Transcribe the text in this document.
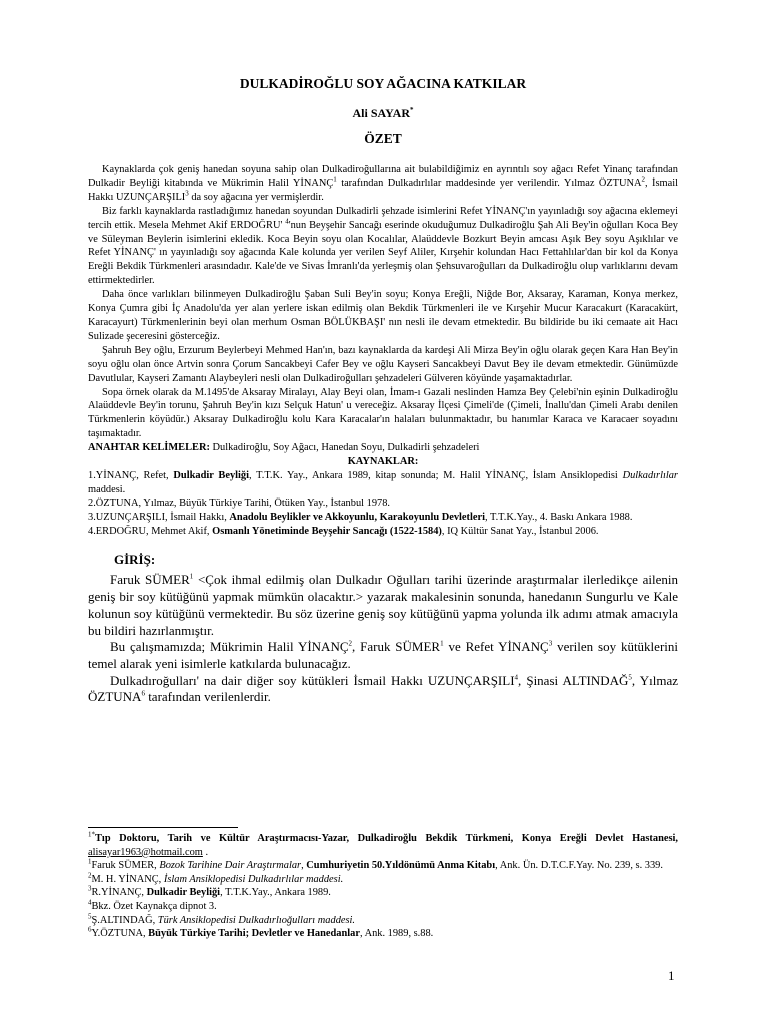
DULKADİROĞLU SOY AĞACINA KATKILAR
Ali SAYAR*
ÖZET

Kaynaklarda çok geniş hanedan soyuna sahip olan Dulkadiroğullarına ait bulabildiğimiz en ayrıntılı soy ağacı Refet Yinanç tarafından Dulkadir Beyliği kitabında ve Mükrimin Halil YİNANÇ$^1$ tarafından Dulkadırlılar maddesinde yer verilendir. Yılmaz ÖZTUNA$^2$, İsmail Hakkı UZUNÇARŞILI$^3$ da soy ağacına yer vermişlerdir.

Biz farklı kaynaklarda rastladığımız hanedan soyundan Dulkadirli şehzade isimlerini Refet YİNANÇ'ın yayınladığı soy ağacına eklemeyi tercih ettik. Mesela Mehmet Akif ERDOĞRU' $^4$'nun Beyşehir Sancağı eserinde okuduğumuz Dulkadiroğlu Şah Ali Bey'in oğulları Koca Bey ve Süleyman Beylerin isimlerini ekledik. Koca Beyin soyu olan Kocalılar, Alaüddevle Bozkurt Beyin amcası Aşık Bey soyu Aşıklılar ve Refet YİNANÇ' ın yayınladığı soy ağacında Kale kolunda yer verilen Seyf Aliler, Kırşehir kolundan Hacı Fettahlılar'dan bir kol da Konya Ereğli Bekdik Türkmenleri arasındadır. Kale'de ve Sivas İmranlı'da yerleşmiş olan Şehsuvaroğulları da Dulkadiroğlu olup varlıklarını devam ettirmektedirler.

Daha önce varlıkları bilinmeyen Dulkadiroğlu Şaban Suli Bey'in soyu; Konya Ereğli, Niğde Bor, Aksaray, Karaman, Konya merkez, Konya Çumra gibi İç Anadolu'da yer alan yerlere iskan edilmiş olan Bekdik Türkmenleri ile ve Kırşehir Mucur Karacakurt (Karacakürt, Karacayurt) Türkmenlerinin beyi olan merhum Osman BÖLÜKBAŞI' nın nesli ile devam etmektedir. Bu bildiride bu iki cemaate ait Hacı Sulizade şeceresini gösterceğiz.

Şahruh Bey oğlu, Erzurum Beylerbeyi Mehmed Han'ın, bazı kaynaklarda da kardeşi Ali Mirza Bey'in oğlu olarak geçen Kara Han Bey'in soyu oğlu olan önce Artvin sonra Çorum Sancakbeyi Cafer Bey ve oğlu Kayseri Sancakbeyi Davut Bey ile devam etmektedir. Günümüzde Davutlular, Kayseri Zamantı Alaybeyleri nesli olan Dulkadiroğulları şehzadeleri Gülveren köyünde yaşamaktadırlar.

Sopa örnek olarak da M.1495'de Aksaray Miralayı, Alay Beyi olan, İmam-ı Gazali neslinden Hamza Bey Çelebi'nin eşinin Dulkadiroğlu Alaüddevle Bey'in torunu, Şahruh Bey'in kızı Selçuk Hatun' u vereceğiz. Aksaray İlçesi Çimeli'de (Çimeli, İnallu'dan Çimeli Arabı denilen Türkmenlerin köyüdür.) Aksaray Dulkadiroğlu kolu Kara Karacalar'ın halaları bulunmaktadır, bu hanımlar Karaca ve Karacaer soyadını taşımaktadır.

ANAHTAR KELİMELER: Dulkadiroğlu, Soy Ağacı, Hanedan Soyu, Dulkadirli şehzadeleri

KAYNAKLAR:

1.YİNANÇ, Refet, Dulkadir Beyliği, T.T.K. Yay., Ankara 1989, kitap sonunda; M. Halil YİNANÇ, İslam Ansiklopedisi Dulkadırlılar maddesi.

2.ÖZTUNA, Yılmaz, Büyük Türkiye Tarihi, Ötüken Yay., İstanbul 1978.

3.UZUNÇARŞILI, İsmail Hakkı, Anadolu Beylikler ve Akkoyunlu, Karakoyunlu Devletleri, T.T.K.Yay., 4. Baskı Ankara 1988.

4.ERDOĞRU, Mehmet Akif, Osmanlı Yönetiminde Beyşehir Sancağı (1522-1584), IQ Kültür Sanat Yay., İstanbul 2006.

GİRİŞ:

Faruk $SÜMER^1$ <Çok ihmal edilmiş olan Dulkadır Oğulları tarihi üzerinde araştırmalar ilerledikçe ailenin geniş bir soy kütüğünü yapmak mümkün olacaktır.> yazarak makalesinin sonunda, hanedanın Sungurlu ve Kale kolunun soy kütüğünü vermektedir. Bu söz üzerine geniş soy kütüğünü yapma yolunda ilk adımı atmak amacıyla bu bildiri hazırlanmıştır.

Bu çalışmamızda; Mükrimin Halil YİNANÇ$^2$, Faruk SÜMER$^1$ ve Refet YİNANÇ$^3$ verilen soy kütüklerini temel alarak yeni isimlerle katkılarda bulunacağız.

Dulkadıroğulları' na dair diğer soy kütükleri İsmail Hakkı UZUNÇARŞILI$^4$, Şinasi ALTINDAĞ$^5$, Yılmaz ÖZTUNA$^6$ tarafından verilenlerdir.

$^{1*}$Tıp Doktoru, Tarih ve Kültür Araştırmacısı-Yazar, Dulkadiroğlu Bekdik Türkmeni, Konya Ereğli Devlet Hastanesi, alisayar1963@hotmail.com .

$^1$Faruk SÜMER, Bozok Tarihine Dair Araştırmalar, Cumhuriyetin 50.Yıldönümü Anma Kitabı, Ank. Ün. D.T.C.F.Yay. No. 239, s. 339.

$^2$M. H. YİNANÇ, İslam Ansiklopedisi Dulkadırlılar maddesi.

$^3$R.YİNANÇ, Dulkadir Beyliği, T.T.K.Yay., Ankara 1989.

$^4$Bkz. Özet Kaynakça dipnot 3.

$^5$Ş.ALTINDAĞ, Türk Ansiklopedisi Dulkadırlıoğulları maddesi.

$^6$Y.ÖZTUNA, Büyük Türkiye Tarihi; Devletler ve Hanedanlar, Ank. 1989, s.88.

1
